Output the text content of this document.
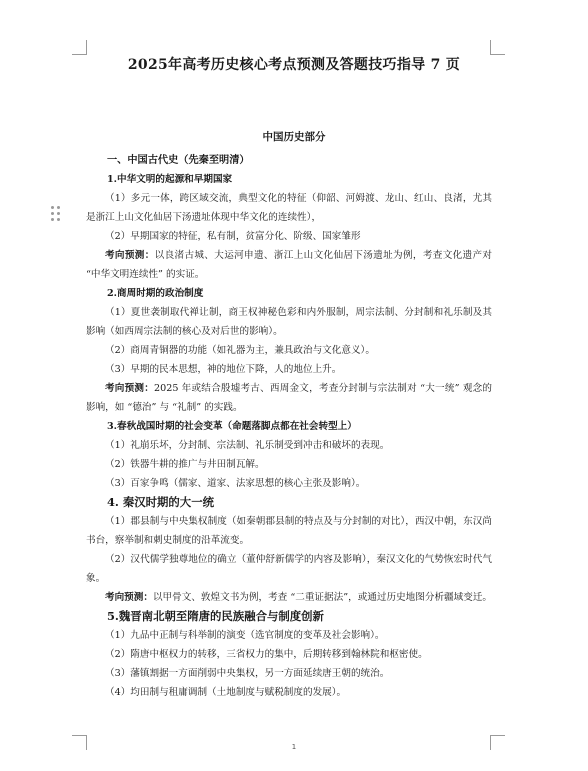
2025年高考历史核心考点预测及答题技巧指导 7 页
中国历史部分
一、中国古代史（先秦至明清）
1.中华文明的起源和早期国家
（1）多元一体，跨区域交流，典型文化的特征（仰韶、河姆渡、龙山、红山、良渚，尤其是浙江上山文化仙居下汤遗址体现中华文化的连续性），
（2）早期国家的特征，私有制，贫富分化、阶级、国家雏形
考向预测：以良渚古城、大运河申遗、浙江上山文化仙居下汤遗址为例，考查文化遗产对 “中华文明连续性” 的实证。
2.商周时期的政治制度
（1）夏世袭制取代禅让制，商王权神秘色彩和内外服制，周宗法制、分封制和礼乐制及其影响（如西周宗法制的核心及对后世的影响）。
（2）商周青铜器的功能（如礼器为主，兼具政治与文化意义）。
（3）早期的民本思想，神的地位下降，人的地位上升。
考向预测：2025 年或结合殷墟考古、西周金文，考查分封制与宗法制对 “大一统” 观念的影响，如 “德治” 与 “礼制” 的实践。
3.春秋战国时期的社会变革（命题落脚点都在社会转型上）
（1）礼崩乐坏，分封制、宗法制、礼乐制受到冲击和破坏的表现。
（2）铁器牛耕的推广与井田制瓦解。
（3）百家争鸣（儒家、道家、法家思想的核心主张及影响）。
4. 秦汉时期的大一统
（1）郡县制与中央集权制度（如秦朝郡县制的特点及与分封制的对比），西汉中朝，东汉尚书台，察举制和刺史制度的沿革流变。
（2）汉代儒学独尊地位的确立（董仲舒新儒学的内容及影响），秦汉文化的气势恢宏时代气象。
考向预测：以甲骨文、敦煌文书为例，考查 “二重证据法”，或通过历史地图分析疆域变迁。
5.魏晋南北朝至隋唐的民族融合与制度创新
（1）九品中正制与科举制的演变（选官制度的变革及社会影响）。
（2）隋唐中枢权力的转移，三省权力的集中，后期转移到翰林院和枢密使。
（3）藩镇割据一方面削弱中央集权，另一方面延续唐王朝的统治。
（4）均田制与租庸调制（土地制度与赋税制度的发展）。
1
